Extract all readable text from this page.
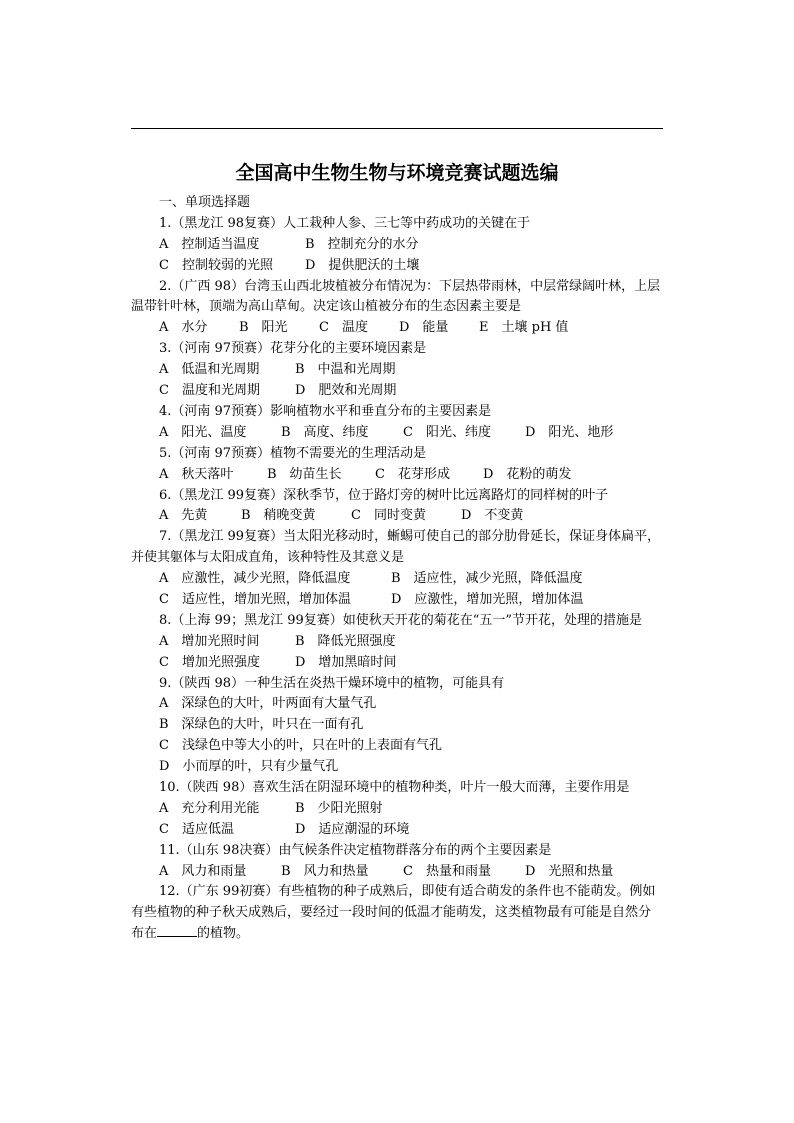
全国高中生物生物与环境竞赛试题选编
一、单项选择题
1.（黑龙江 98复赛）人工栽种人参、三七等中药成功的关键在于
A　控制适当温度	B　控制充分的水分
C　控制较弱的光照	D　提供肥沃的土壤
2.（广西 98）台湾玉山西北坡植被分布情况为：下层热带雨林，中层常绿阔叶林，上层温带针叶林，顶端为高山草甸。决定该山植被分布的生态因素主要是
A　水分	B　阳光	C　温度	D　能量	E　土壤 pH 值
3.（河南 97预赛）花芽分化的主要环境因素是
A　低温和光周期	B　中温和光周期
C　温度和光周期	D　肥效和光周期
4.（河南 97预赛）影响植物水平和垂直分布的主要因素是
A　阳光、温度	B　高度、纬度	C　阳光、纬度	D　阳光、地形
5.（河南 97预赛）植物不需要光的生理活动是
A　秋天落叶	B　幼苗生长	C　花芽形成	D　花粉的萌发
6.（黑龙江 99复赛）深秋季节，位于路灯旁的树叶比远离路灯的同样树的叶子
A　先黄	B　稍晚变黄	C　同时变黄	D　不变黄
7.（黑龙江 99复赛）当太阳光移动时，蜥蜴可使自己的部分肋骨延长，保证身体扁平，并使其躯体与太阳成直角，该种特性及其意义是
A　应激性，减少光照，降低温度	B　适应性，减少光照，降低温度
C　适应性，增加光照，增加体温	D　应激性，增加光照，增加体温
8.（上海 99；黑龙江 99复赛）如使秋天开花的菊花在“五一”节开花，处理的措施是
A　增加光照时间	B　降低光照强度
C　增加光照强度	D　增加黑暗时间
9.（陕西 98）一种生活在炎热干燥环境中的植物，可能具有
A　深绿色的大叶，叶两面有大量气孔
B　深绿色的大叶，叶只在一面有孔
C　浅绿色中等大小的叶，只在叶的上表面有气孔
D　小而厚的叶，只有少量气孔
10.（陕西 98）喜欢生活在阴湿环境中的植物种类，叶片一般大而薄，主要作用是
A　充分利用光能	B　少阳光照射
C　适应低温	D　适应潮湿的环境
11.（山东 98决赛）由气候条件决定植物群落分布的两个主要因素是
A　风力和雨量	B　风力和热量	C　热量和雨量	D　光照和热量
12.（广东 99初赛）有些植物的种子成熟后，即使有适合萌发的条件也不能萌发。例如有些植物的种子秋天成熟后，要经过一段时间的低温才能萌发，这类植物最有可能是自然分布在	的植物。
